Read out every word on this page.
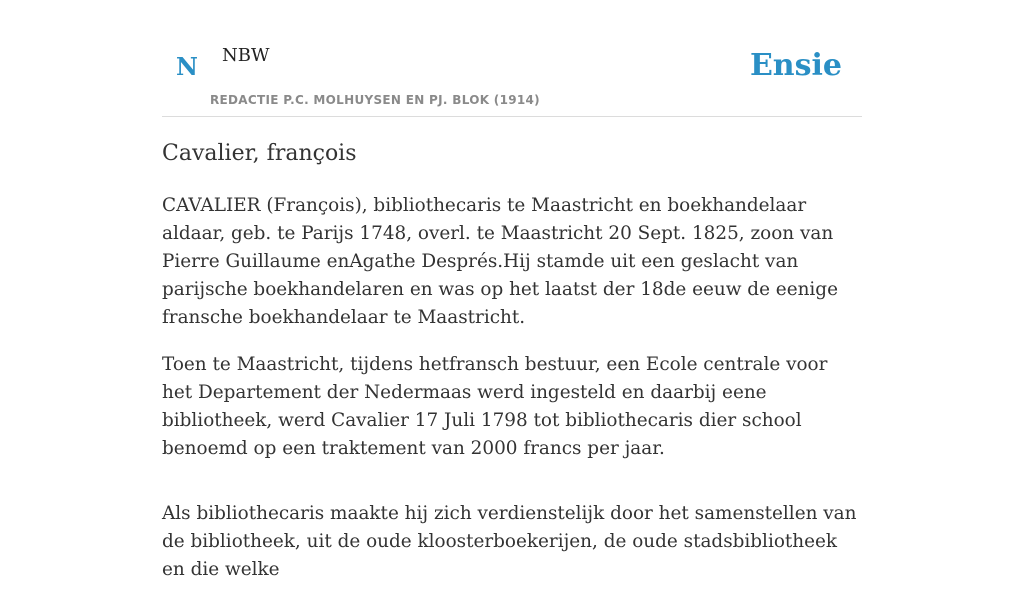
N NBW
REDACTIE P.C. MOLHUYSEN EN PJ. BLOK (1914)
Ensie
Cavalier, françois

CAVALIER (François), bibliothecaris te Maastricht en boekhandelaar aldaar, geb. te Parijs 1748, overl. te Maastricht 20 Sept. 1825, zoon van Pierre Guillaume enAgathe Després.Hij stamde uit een geslacht van parijsche boekhandelaren en was op het laatst der 18de eeuw de eenige fransche boekhandelaar te Maastricht.

Toen te Maastricht, tijdens hetfransch bestuur, een Ecole centrale voor het Departement der Nedermaas werd ingesteld en daarbij eene bibliotheek, werd Cavalier 17 Juli 1798 tot bibliothecaris dier school benoemd op een traktement van 2000 francs per jaar.

Als bibliothecaris maakte hij zich verdienstelijk door het samenstellen van de bibliotheek, uit de oude kloosterboekerijen, de oude stadsbibliotheek en die welke
